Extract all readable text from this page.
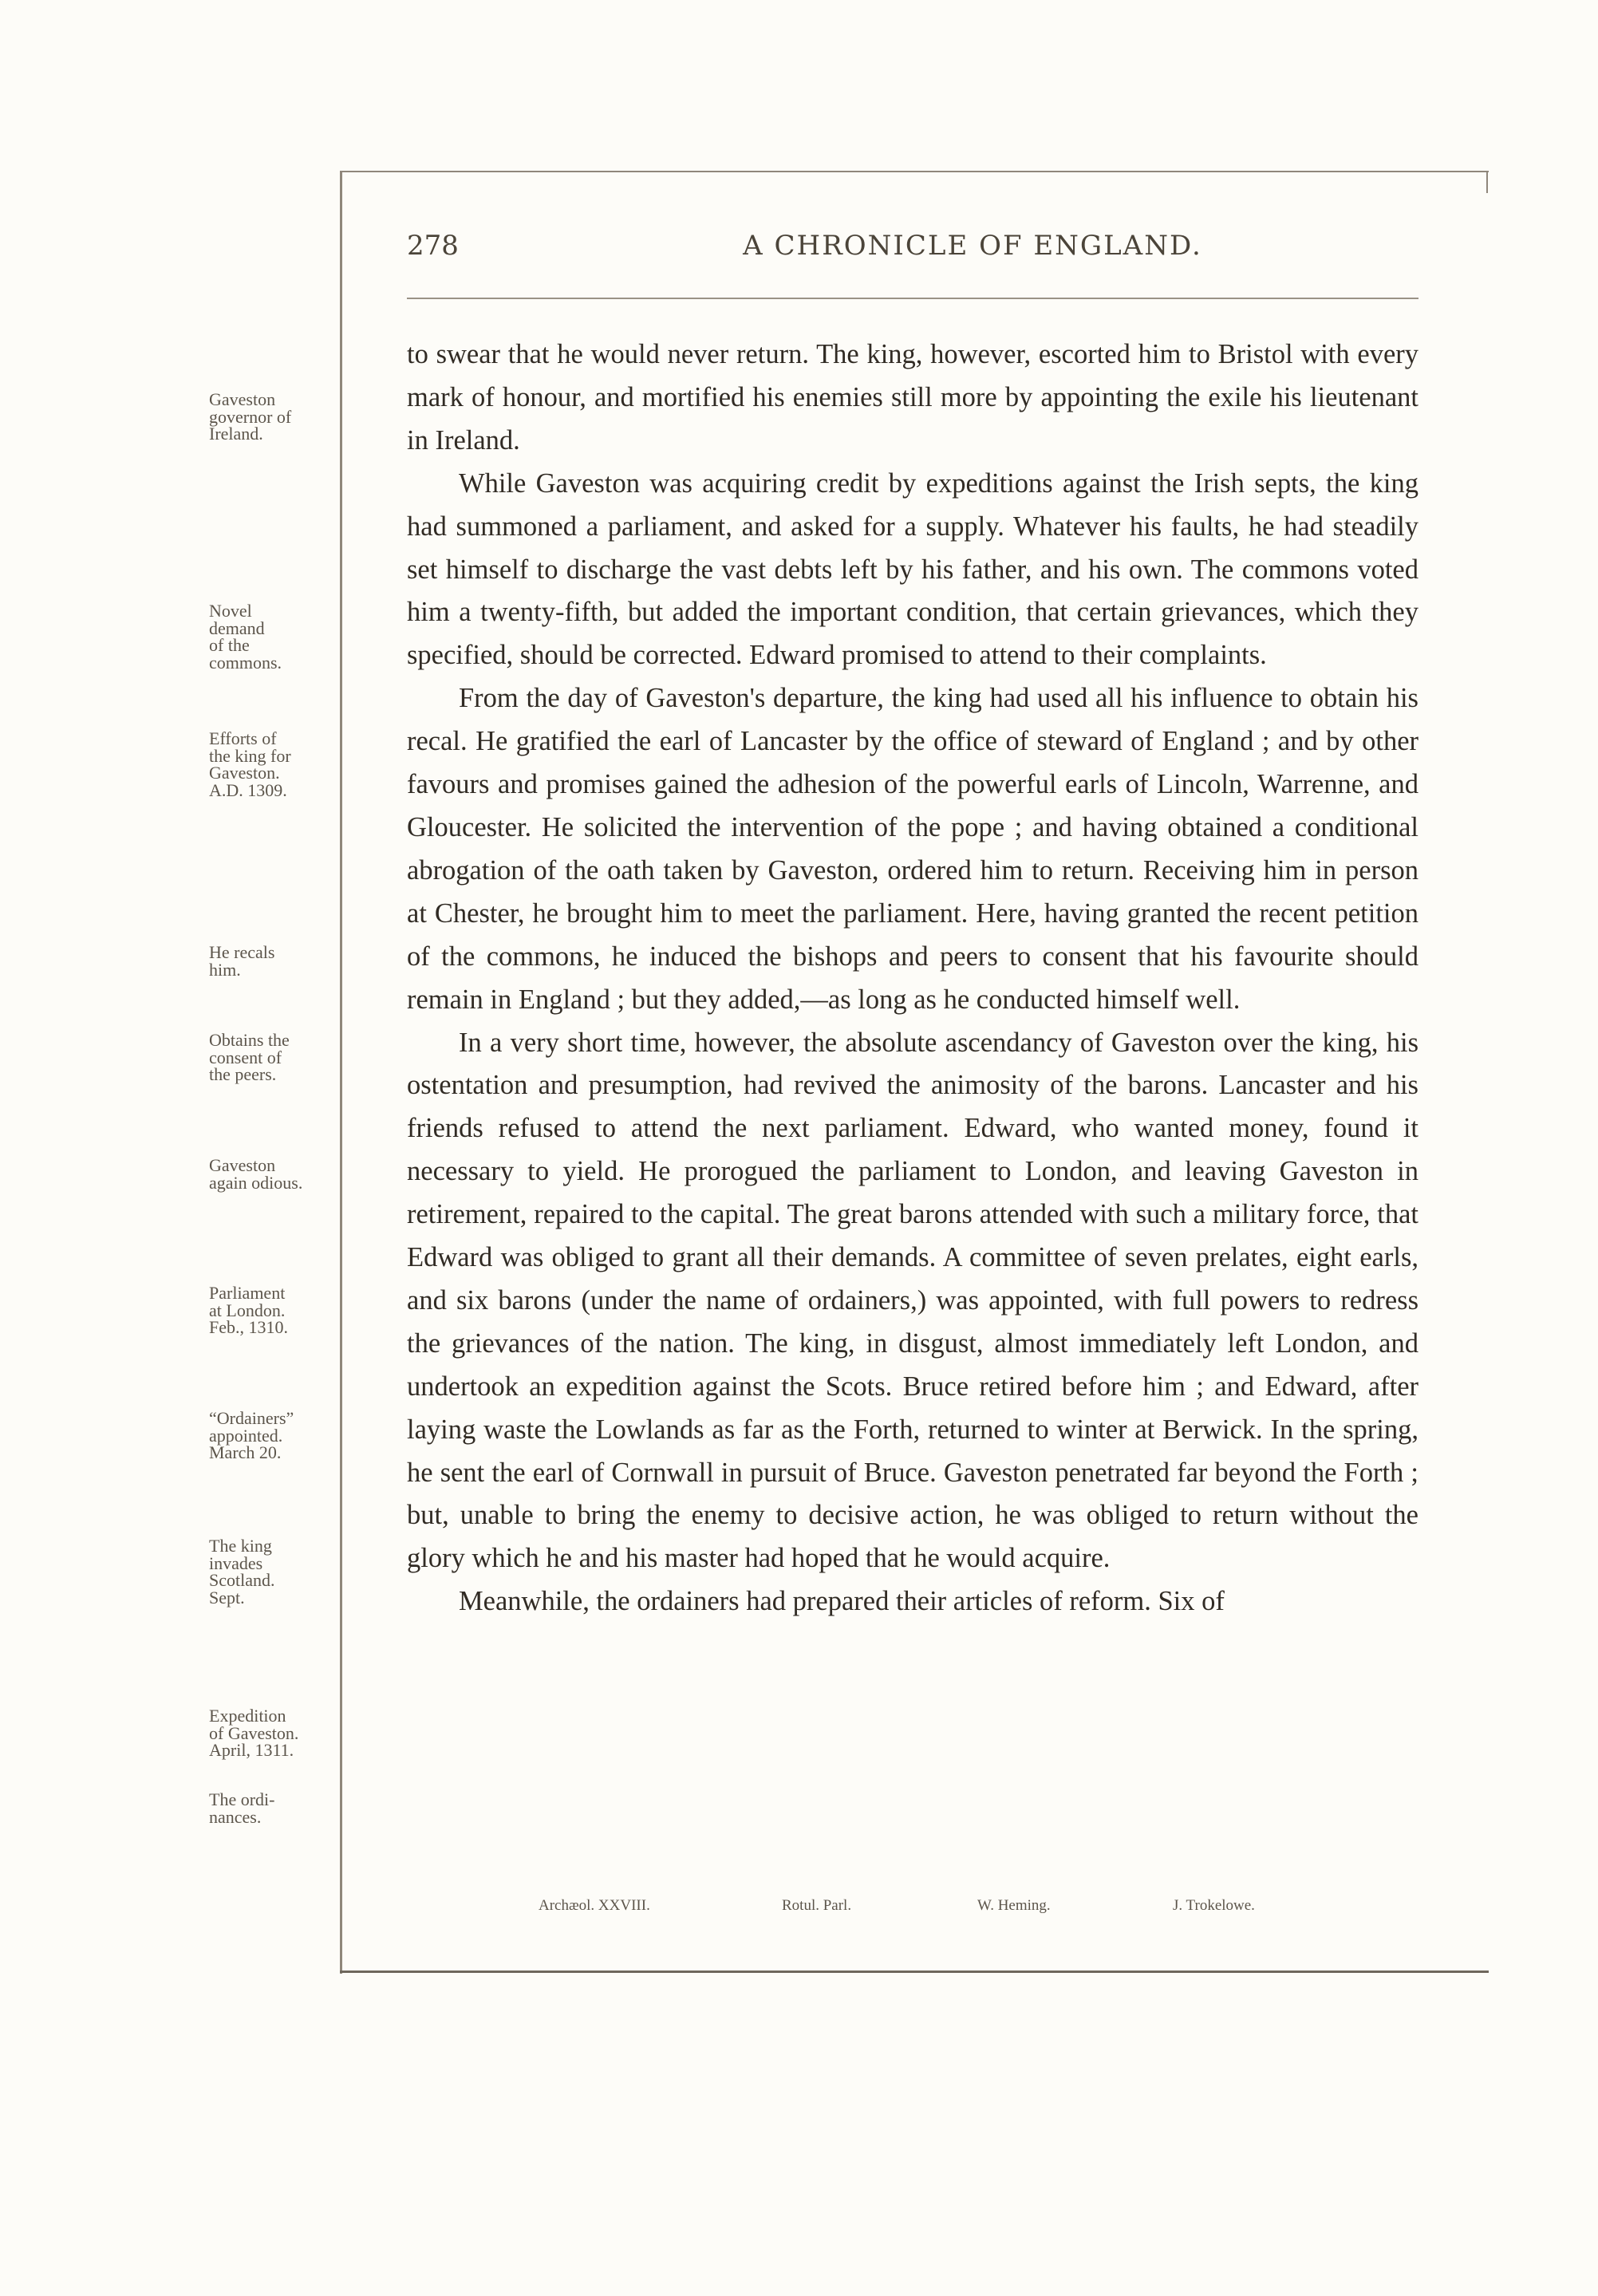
278	A CHRONICLE OF ENGLAND.
Gaveston
governor of
Ireland.
Novel
demand
of the
commons.
Efforts of
the king for
Gaveston.
A.D. 1309.
He recals
him.
Obtains the
consent of
the peers.
Gaveston
again odious.
Parliament
at London.
Feb., 1310.
“Ordainers”
appointed.
March 20.
The king
invades
Scotland.
Sept.
Expedition
of Gaveston.
April, 1311.
The ordi-
nances.

to swear that he would never return. The king, however, escorted him to Bristol with every mark of honour, and mortified his enemies still more by appointing the exile his lieutenant in Ireland.

While Gaveston was acquiring credit by expeditions against the Irish septs, the king had summoned a parliament, and asked for a supply. Whatever his faults, he had steadily set himself to discharge the vast debts left by his father, and his own. The commons voted him a twenty-fifth, but added the important condition, that certain grievances, which they specified, should be corrected. Edward promised to attend to their complaints.

From the day of Gaveston's departure, the king had used all his influence to obtain his recal. He gratified the earl of Lancaster by the office of steward of England ; and by other favours and promises gained the adhesion of the powerful earls of Lincoln, Warrenne, and Gloucester. He solicited the intervention of the pope ; and having obtained a conditional abrogation of the oath taken by Gaveston, ordered him to return. Receiving him in person at Chester, he brought him to meet the parliament. Here, having granted the recent petition of the commons, he induced the bishops and peers to consent that his favourite should remain in England ; but they added,—as long as he conducted himself well.

In a very short time, however, the absolute ascendancy of Gaveston over the king, his ostentation and presumption, had revived the animosity of the barons. Lancaster and his friends refused to attend the next parliament. Edward, who wanted money, found it necessary to yield. He prorogued the parliament to London, and leaving Gaveston in retirement, repaired to the capital. The great barons attended with such a military force, that Edward was obliged to grant all their demands. A committee of seven prelates, eight earls, and six barons (under the name of ordainers,) was appointed, with full powers to redress the grievances of the nation. The king, in disgust, almost immediately left London, and undertook an expedition against the Scots. Bruce retired before him ; and Edward, after laying waste the Lowlands as far as the Forth, returned to winter at Berwick. In the spring, he sent the earl of Cornwall in pursuit of Bruce. Gaveston penetrated far beyond the Forth ; but, unable to bring the enemy to decisive action, he was obliged to return without the glory which he and his master had hoped that he would acquire.

Meanwhile, the ordainers had prepared their articles of reform. Six of

Archæol. XXVIII.	Rotul. Parl.	W. Heming.	J. Trokelowe.
